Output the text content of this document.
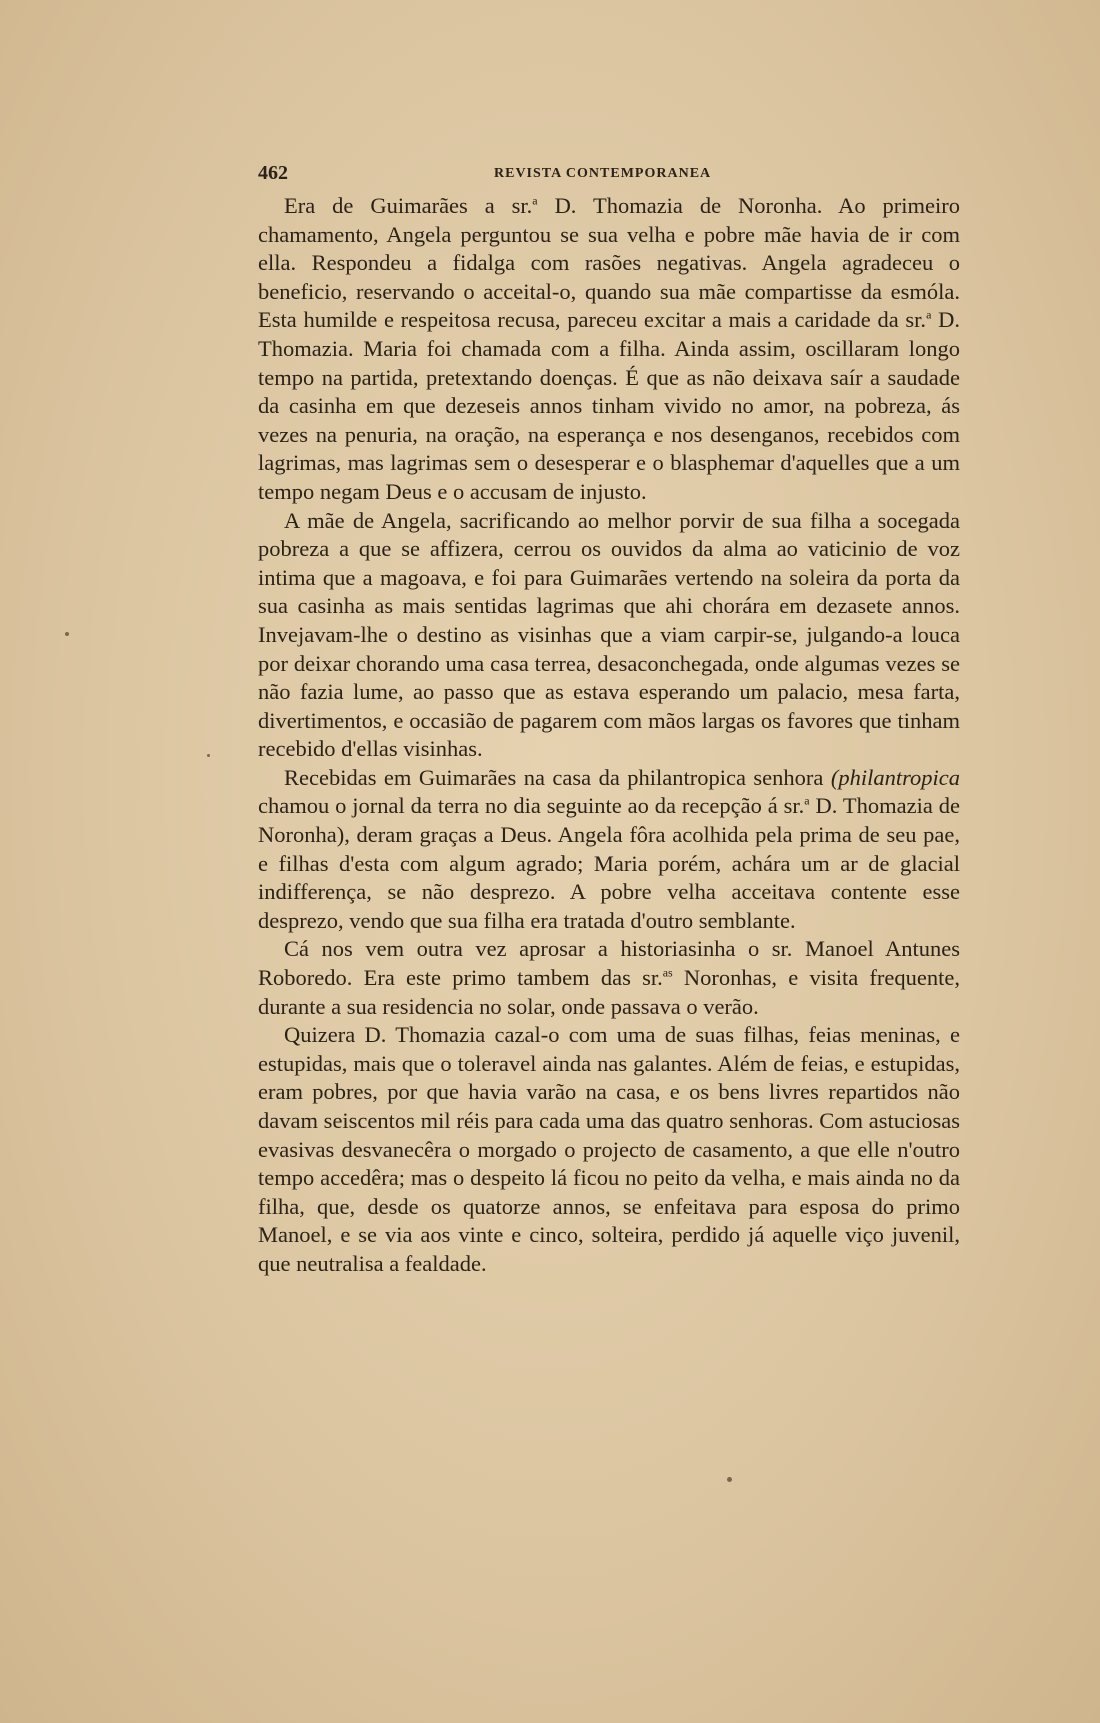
462	REVISTA CONTEMPORANEA

Era de Guimarães a sr.$^a$ D. Thomazia de Noronha. Ao primeiro chamamento, Angela perguntou se sua velha e pobre mãe havia de ir com ella. Respondeu a fidalga com rasões negativas. Angela agradeceu o beneficio, reservando o acceital-o, quando sua mãe compartisse da esmóla. Esta humilde e respeitosa recusa, pareceu excitar a mais a caridade da sr.$^a$ D. Thomazia. Maria foi chamada com a filha. Ainda assim, oscillaram longo tempo na partida, pretextando doenças. É que as não deixava saír a saudade da casinha em que dezeseis annos tinham vivido no amor, na pobreza, ás vezes na penuria, na oração, na esperança e nos desenganos, recebidos com lagrimas, mas lagrimas sem o desesperar e o blasphemar d'aquelles que a um tempo negam Deus e o accusam de injusto.

A mãe de Angela, sacrificando ao melhor porvir de sua filha a socegada pobreza a que se affizera, cerrou os ouvidos da alma ao vaticinio de voz intima que a magoava, e foi para Guimarães vertendo na soleira da porta da sua casinha as mais sentidas lagrimas que ahi chorára em dezasete annos. Invejavam-lhe o destino as visinhas que a viam carpir-se, julgando-a louca por deixar chorando uma casa terrea, desaconchegada, onde algumas vezes se não fazia lume, ao passo que as estava esperando um palacio, mesa farta, divertimentos, e occasião de pagarem com mãos largas os favores que tinham recebido d'ellas visinhas.

Recebidas em Guimarães na casa da philantropica senhora (philantropica chamou o jornal da terra no dia seguinte ao da recepção á sr.$^a$ D. Thomazia de Noronha), deram graças a Deus. Angela fôra acolhida pela prima de seu pae, e filhas d'esta com algum agrado; Maria porém, achára um ar de glacial indifferença, se não desprezo. A pobre velha acceitava contente esse desprezo, vendo que sua filha era tratada d'outro semblante.

Cá nos vem outra vez aprosar a historiasinha o sr. Manoel Antunes Roboredo. Era este primo tambem das sr.$^{as}$ Noronhas, e visita frequente, durante a sua residencia no solar, onde passava o verão.

Quizera D. Thomazia cazal-o com uma de suas filhas, feias meninas, e estupidas, mais que o toleravel ainda nas galantes. Além de feias, e estupidas, eram pobres, por que havia varão na casa, e os bens livres repartidos não davam seiscentos mil réis para cada uma das quatro senhoras. Com astuciosas evasivas desvanecêra o morgado o projecto de casamento, a que elle n'outro tempo accedêra; mas o despeito lá ficou no peito da velha, e mais ainda no da filha, que, desde os quatorze annos, se enfeitava para esposa do primo Manoel, e se via aos vinte e cinco, solteira, perdido já aquelle viço juvenil, que neutralisa a fealdade.
